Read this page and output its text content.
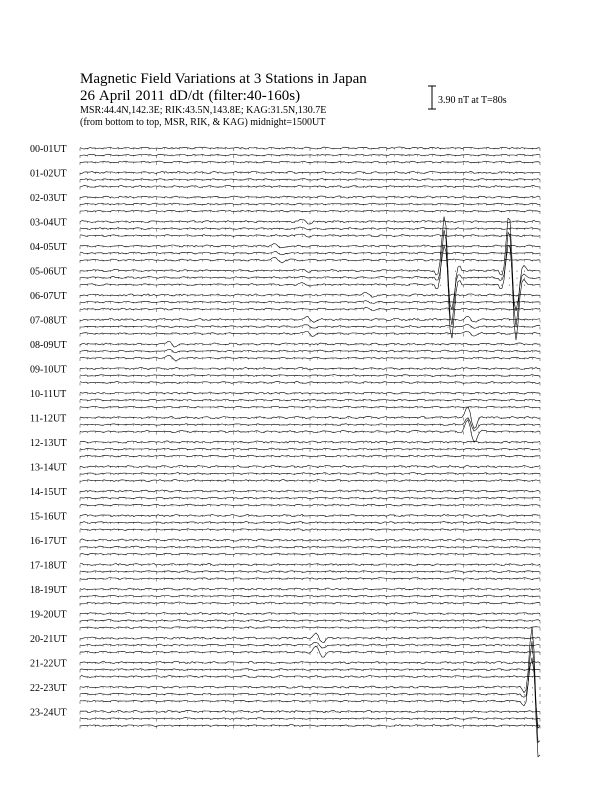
Magnetic Field Variations at 3 Stations in Japan

26 April 2011 dD/dt (filter:40-160s)

MSR:44.4N,142.3E; RIK:43.5N,143.8E; KAG:31.5N,130.7E

(from bottom to top, MSR, RIK, & KAG) midnight=1500UT

3.90 nT at T=80s
00-01UT
01-02UT
02-03UT
03-04UT
04-05UT
05-06UT
06-07UT
07-08UT
08-09UT
09-10UT
10-11UT
11-12UT
12-13UT
13-14UT
14-15UT
15-16UT
16-17UT
17-18UT
18-19UT
19-20UT
20-21UT
21-22UT
22-23UT
23-24UT
